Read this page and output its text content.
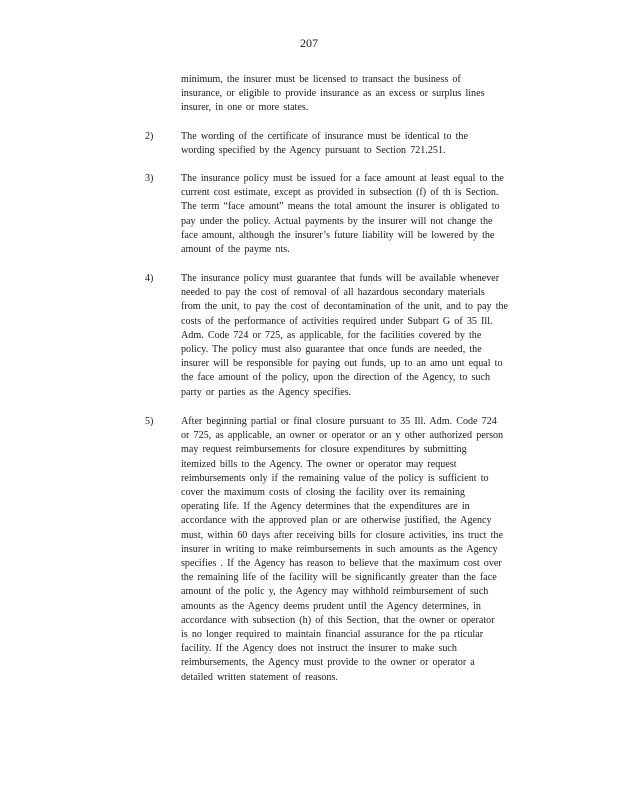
207
minimum, the insurer must be licensed to transact the business of
insurance, or eligible to provide insurance as an excess or surplus lines
insurer, in one or more states.
2)	The wording of the certificate of insurance must be identical to the
wording specified by the Agency pursuant to Section 721.251.
3)	The insurance policy must be issued for a face amount at least equal to the
current cost estimate, except as provided in subsection (f) of th is Section.
The term “face amount” means the total amount the insurer is obligated to
pay under the policy. Actual payments by the insurer will not change the
face amount, although the insurer’s future liability will be lowered by the
amount of the payme nts.
4)	The insurance policy must guarantee that funds will be available whenever
needed to pay the cost of removal of all hazardous secondary materials
from the unit, to pay the cost of decontamination of the unit, and to pay the
costs of the performance of activities required under Subpart G of 35 Ill.
Adm. Code 724 or 725, as applicable, for the facilities covered by the
policy. The policy must also guarantee that once funds are needed, the
insurer will be responsible for paying out funds, up to an amo unt equal to
the face amount of the policy, upon the direction of the Agency, to such
party or parties as the Agency specifies.
5)	After beginning partial or final closure pursuant to 35 Ill. Adm. Code 724
or 725, as applicable, an owner or operator or an y other authorized person
may request reimbursements for closure expenditures by submitting
itemized bills to the Agency. The owner or operator may request
reimbursements only if the remaining value of the policy is sufficient to
cover the maximum costs of closing the facility over its remaining
operating life. If the Agency determines that the expenditures are in
accordance with the approved plan or are otherwise justified, the Agency
must, within 60 days after receiving bills for closure activities, ins truct the
insurer in writing to make reimbursements in such amounts as the Agency
specifies . If the Agency has reason to believe that the maximum cost over
the remaining life of the facility will be significantly greater than the face
amount of the polic y, the Agency may withhold reimbursement of such
amounts as the Agency deems prudent until the Agency determines, in
accordance with subsection (h) of this Section, that the owner or operator
is no longer required to maintain financial assurance for the pa rticular
facility. If the Agency does not instruct the insurer to make such
reimbursements, the Agency must provide to the owner or operator a
detailed written statement of reasons.
